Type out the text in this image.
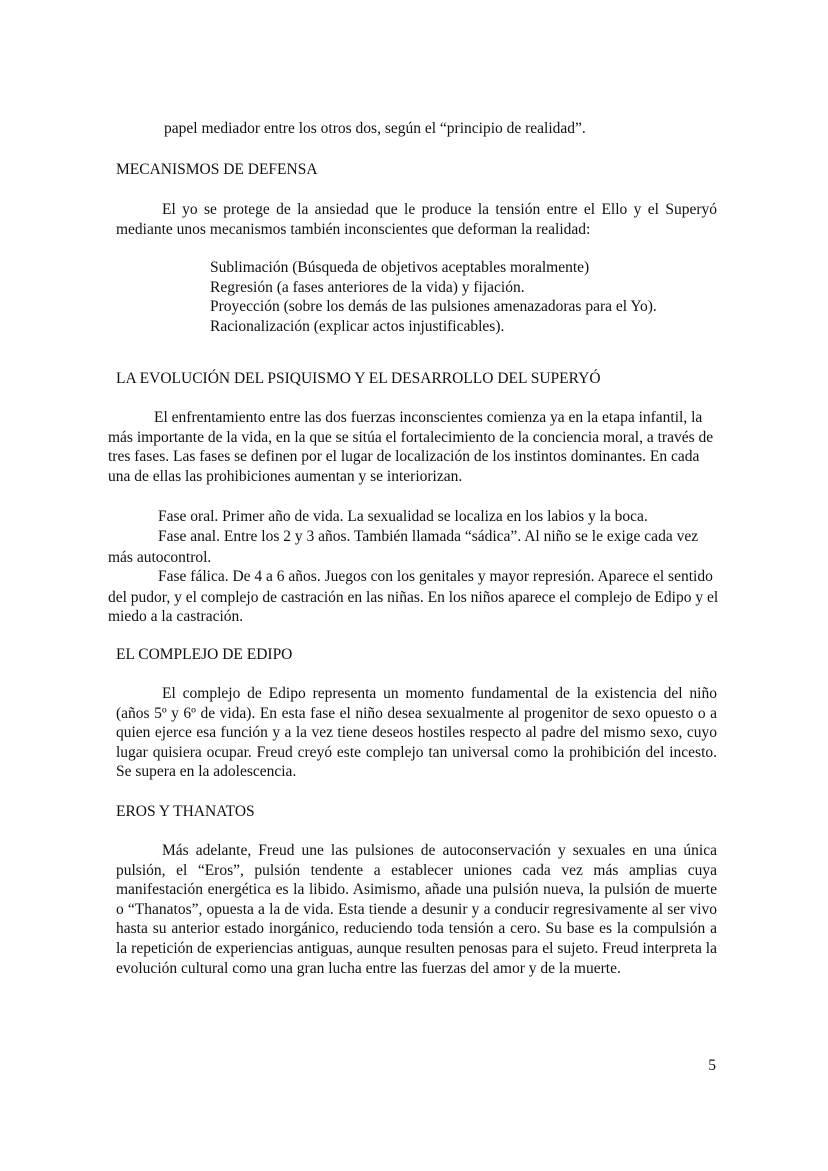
papel mediador entre los otros dos, según el “principio de realidad”.

MECANISMOS DE DEFENSA

El yo se protege de la ansiedad que le produce la tensión entre el Ello y el Superyó mediante unos mecanismos también inconscientes que deforman la realidad:

Sublimación (Búsqueda de objetivos aceptables moralmente)
Regresión (a fases anteriores de la vida) y fijación.
Proyección (sobre los demás de las pulsiones amenazadoras para el Yo).
Racionalización (explicar actos injustificables).

LA EVOLUCIÓN DEL PSIQUISMO Y EL DESARROLLO DEL SUPERYÓ

El enfrentamiento entre las dos fuerzas inconscientes comienza ya en la etapa infantil, la más importante de la vida, en la que se sitúa el fortalecimiento de la conciencia moral, a través de tres fases. Las fases se definen por el lugar de localización de los instintos dominantes. En cada una de ellas las prohibiciones aumentan y se interiorizan.

Fase oral. Primer año de vida. La sexualidad se localiza en los labios y la boca.

Fase anal. Entre los 2 y 3 años. También llamada “sádica”. Al niño se le exige cada vez más autocontrol.

Fase fálica. De 4 a 6 años. Juegos con los genitales y mayor represión. Aparece el sentido del pudor, y el complejo de castración en las niñas. En los niños aparece el complejo de Edipo y el miedo a la castración.

EL COMPLEJO DE EDIPO

El complejo de Edipo representa un momento fundamental de la existencia del niño (años 5º y 6º de vida). En esta fase el niño desea sexualmente al progenitor de sexo opuesto o a quien ejerce esa función y a la vez tiene deseos hostiles respecto al padre del mismo sexo, cuyo lugar quisiera ocupar. Freud creyó este complejo tan universal como la prohibición del incesto. Se supera en la adolescencia.

EROS Y THANATOS

Más adelante, Freud une las pulsiones de autoconservación y sexuales en una única pulsión, el “Eros”, pulsión tendente a establecer uniones cada vez más amplias cuya manifestación energética es la libido. Asimismo, añade una pulsión nueva, la pulsión de muerte o “Thanatos”, opuesta a la de vida. Esta tiende a desunir y a conducir regresivamente al ser vivo hasta su anterior estado inorgánico, reduciendo toda tensión a cero. Su base es la compulsión a la repetición de experiencias antiguas, aunque resulten penosas para el sujeto. Freud interpreta la evolución cultural como una gran lucha entre las fuerzas del amor y de la muerte.

5
